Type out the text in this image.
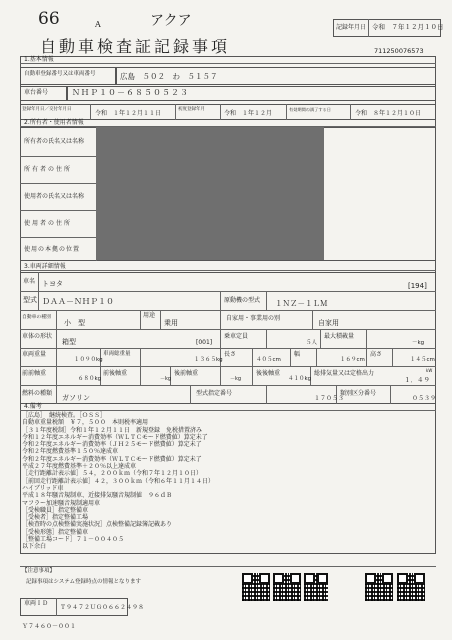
66	A	アクア	記録年月日 令和　７年１２月１０日
自動車検査証記録事項	711250076573
1.基本情報
自動車登録番号又は車両番号	広島　５０２　わ　５１５７
車台番号	ＮＨＰ１０－６８５０５２３
登録年月日／交付年月日
令和　１年１２月１１日
初度登録年月
令和　１年１２月
有効期間の満了する日
令和　８年１２月１０日
2.所有者・使用者情報
所有者の氏名又は名称
所有者の住所
使用者の氏名又は名称
使用者の住所
使用の本拠の位置
3.車両詳細情報
車名 トヨタ	[194]
型式 ＤＡＡ－ＮＨＰ１０	原動機の型式 １ＮＺ－１ＬＭ
自動車の種別
小　型
用途
乗用
自家用・事業用の別
自家用
車体の形状
箱型	[001]
乗車定員
５人
最大積載量
－kg
車両重量
１０９０kg
車両総重量
１３６５kg
長さ
４０５cm
幅
１６９cm
高さ
１４５cm
前前軸重
６８０kg
前後軸重
－kg
後前軸重
－kg
後後軸重
４１０kg
総排気量又は定格出力
１．４９
kW
燃料の種類
ガソリン
型式指定番号
１７０５３
類別区分番号
０５３９
4.備考
［広島］　継続検査。［ＯＳＳ］
自動車重量税額　￥７，５００　本則税率適用
［３１年度税制］令和１年１２月１１日　新規登録　免税措置済み
令和１２年度エネルギー消費効率（ＷＬＴＣモード燃費値）算定未了
令和２年度エネルギー消費効率（ＪＨ２５モード燃費値）算定未了
令和２年度燃費基準１５０％達成車
令和２年度エネルギー消費効率（ＷＬＴＣモード燃費値）算定未了
平成２７年度燃費基準＋２０％以上達成車
［走行距離計表示値］５４，２００ｋｍ（令和７年１２月１０日）
［前回走行距離計表示値］４２，３００ｋｍ（令和６年１１月１４日）
ハイブリッド車
平成１８年騒音規制車、近接排気騒音規制値　９６ｄＢ
マフラー加速騒音規制適用車
［受検職員］指定整備車
［受検者］指定整備工場
［検査時の点検整備実施状況］点検整備記録簿記載あり
［受検形態］指定整備車
［整備工場コード］７１－００４０５
以下余白
【注意事項】
記録事項はシステム登録時点の情報となります
車両ＩＤ
Ｔ９４７２ＵＧ０６６２４９８
Ｙ７４６０－００１
